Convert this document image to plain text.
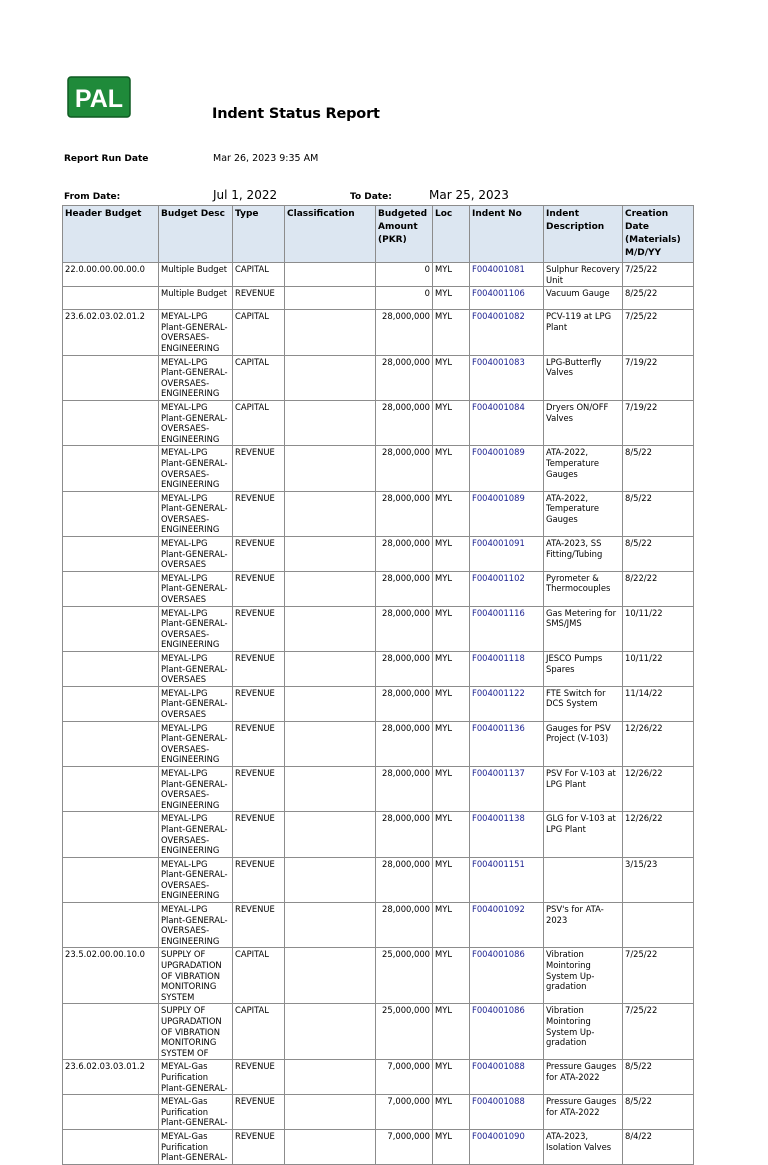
PAL
Indent Status Report
Report Run Date	Mar 26, 2023 9:35 AM
From Date:	Jul 1, 2022	To Date:	Mar 25, 2023
Header Budget	Budget Desc	Type	Classification	Budgeted Amount (PKR)	Loc	Indent No	Indent Description	Creation Date (Materials) M/D/YY
22.0.00.00.00.00.0	Multiple Budget	CAPITAL		0	MYL	F004001081	Sulphur Recovery Unit	7/25/22
	Multiple Budget	REVENUE		0	MYL	F004001106	Vacuum Gauge	8/25/22
23.6.02.03.02.01.2	MEYAL-LPG Plant-GENERAL-OVERSAES-ENGINEERING	CAPITAL		28,000,000	MYL	F004001082	PCV-119 at LPG Plant	7/25/22
	MEYAL-LPG Plant-GENERAL-OVERSAES-ENGINEERING	CAPITAL		28,000,000	MYL	F004001083	LPG-Butterfly Valves	7/19/22
	MEYAL-LPG Plant-GENERAL-OVERSAES-ENGINEERING	CAPITAL		28,000,000	MYL	F004001084	Dryers ON/OFF Valves	7/19/22
	MEYAL-LPG Plant-GENERAL-OVERSAES-ENGINEERING	REVENUE		28,000,000	MYL	F004001089	ATA-2022, Temperature Gauges	8/5/22
	MEYAL-LPG Plant-GENERAL-OVERSAES-ENGINEERING	REVENUE		28,000,000	MYL	F004001089	ATA-2022, Temperature Gauges	8/5/22
	MEYAL-LPG Plant-GENERAL-OVERSAES	REVENUE		28,000,000	MYL	F004001091	ATA-2023, SS Fitting/Tubing	8/5/22
	MEYAL-LPG Plant-GENERAL-OVERSAES	REVENUE		28,000,000	MYL	F004001102	Pyrometer & Thermocouples	8/22/22
	MEYAL-LPG Plant-GENERAL-OVERSAES-ENGINEERING	REVENUE		28,000,000	MYL	F004001116	Gas Metering for SMS/JMS	10/11/22
	MEYAL-LPG Plant-GENERAL-OVERSAES	REVENUE		28,000,000	MYL	F004001118	JESCO Pumps Spares	10/11/22
	MEYAL-LPG Plant-GENERAL-OVERSAES	REVENUE		28,000,000	MYL	F004001122	FTE Switch for DCS System	11/14/22
	MEYAL-LPG Plant-GENERAL-OVERSAES-ENGINEERING	REVENUE		28,000,000	MYL	F004001136	Gauges for PSV Project (V-103)	12/26/22
	MEYAL-LPG Plant-GENERAL-OVERSAES-ENGINEERING	REVENUE		28,000,000	MYL	F004001137	PSV For V-103 at LPG Plant	12/26/22
	MEYAL-LPG Plant-GENERAL-OVERSAES-ENGINEERING	REVENUE		28,000,000	MYL	F004001138	GLG for V-103 at LPG Plant	12/26/22
	MEYAL-LPG Plant-GENERAL-OVERSAES-ENGINEERING	REVENUE		28,000,000	MYL	F004001151		3/15/23
	MEYAL-LPG Plant-GENERAL-OVERSAES-ENGINEERING	REVENUE		28,000,000	MYL	F004001092	PSV's for ATA-2023	
23.5.02.00.00.10.0	SUPPLY OF UPGRADATION OF VIBRATION MONITORING SYSTEM	CAPITAL		25,000,000	MYL	F004001086	Vibration Mointoring System Up-gradation	7/25/22
	SUPPLY OF UPGRADATION OF VIBRATION MONITORING SYSTEM OF	CAPITAL		25,000,000	MYL	F004001086	Vibration Mointoring System Up-gradation	7/25/22
23.6.02.03.03.01.2	MEYAL-Gas Purification Plant-GENERAL-	REVENUE		7,000,000	MYL	F004001088	Pressure Gauges for ATA-2022	8/5/22
	MEYAL-Gas Purification Plant-GENERAL-	REVENUE		7,000,000	MYL	F004001088	Pressure Gauges for ATA-2022	8/5/22
	MEYAL-Gas Purification Plant-GENERAL-	REVENUE		7,000,000	MYL	F004001090	ATA-2023, Isolation Valves	8/4/22
